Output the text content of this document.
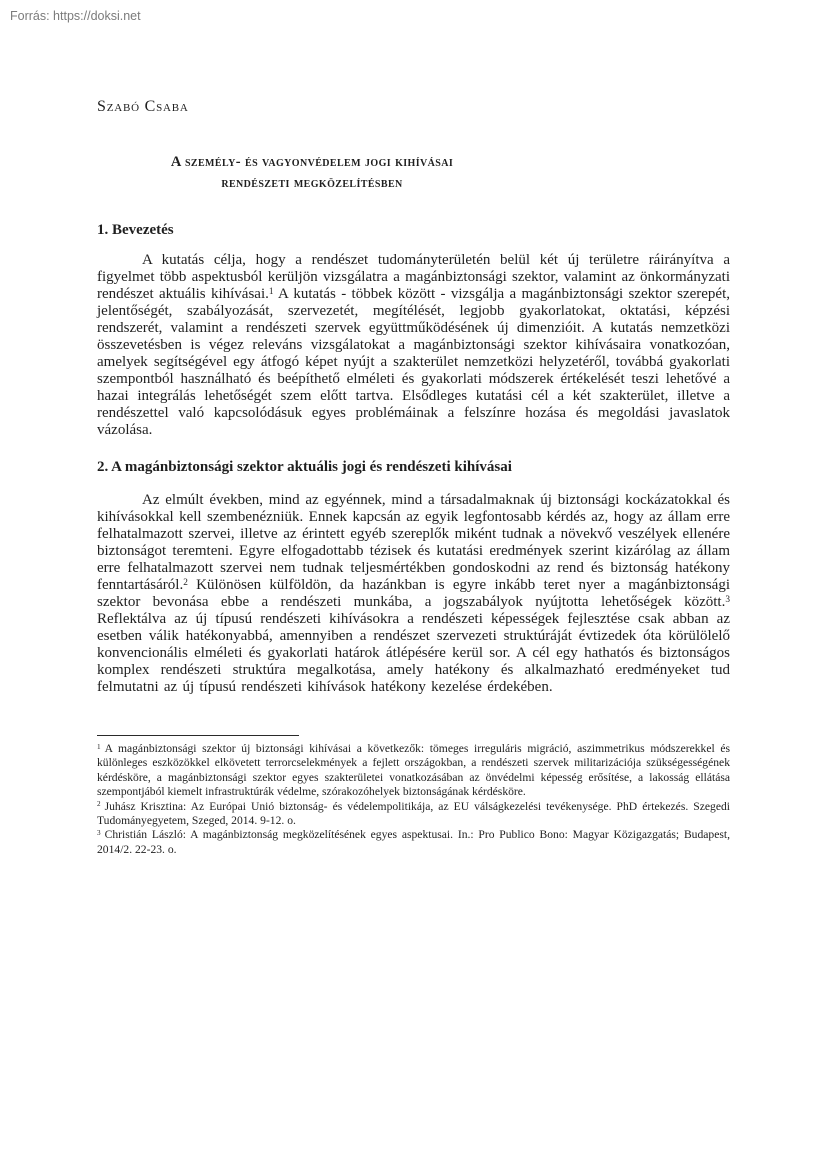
Forrás: https://doksi.net
Szabó Csaba
A személy- és vagyonvédelem jogi kihívásai
rendészeti megközelítésben
1. Bevezetés

A kutatás célja, hogy a rendészet tudományterületén belül két új területre ráirányítva a figyelmet több aspektusból kerüljön vizsgálatra a magánbiztonsági szektor, valamint az önkormányzati rendészet aktuális kihívásai.$^1$ A kutatás - többek között - vizsgálja a magánbiztonsági szektor szerepét, jelentőségét, szabályozását, szervezetét, megítélését, legjobb gyakorlatokat, oktatási, képzési rendszerét, valamint a rendészeti szervek együttműködésének új dimenzióit. A kutatás nemzetközi összevetésben is végez releváns vizsgálatokat a magánbiztonsági szektor kihívásaira vonatkozóan, amelyek segítségével egy átfogó képet nyújt a szakterület nemzetközi helyzetéről, továbbá gyakorlati szempontból használható és beépíthető elméleti és gyakorlati módszerek értékelését teszi lehetővé a hazai integrálás lehetőségét szem előtt tartva. Elsődleges kutatási cél a két szakterület, illetve a rendészettel való kapcsolódásuk egyes problémáinak a felszínre hozása és megoldási javaslatok vázolása.

2. A magánbiztonsági szektor aktuális jogi és rendészeti kihívásai

Az elmúlt években, mind az egyénnek, mind a társadalmaknak új biztonsági kockázatokkal és kihívásokkal kell szembenézniük. Ennek kapcsán az egyik legfontosabb kérdés az, hogy az állam erre felhatalmazott szervei, illetve az érintett egyéb szereplők miként tudnak a növekvő veszélyek ellenére biztonságot teremteni. Egyre elfogadottabb tézisek és kutatási eredmények szerint kizárólag az állam erre felhatalmazott szervei nem tudnak teljesmértékben gondoskodni az rend és biztonság hatékony fenntartásáról.$^2$ Különösen külföldön, da hazánkban is egyre inkább teret nyer a magánbiztonsági szektor bevonása ebbe a rendészeti munkába, a jogszabályok nyújtotta lehetőségek között.$^3$ Reflektálva az új típusú rendészeti kihívásokra a rendészeti képességek fejlesztése csak abban az esetben válik hatékonyabbá, amennyiben a rendészet szervezeti struktúráját évtizedek óta körülölelő konvencionális elméleti és gyakorlati határok átlépésére kerül sor. A cél egy hathatós és biztonságos komplex rendészeti struktúra megalkotása, amely hatékony és alkalmazható eredményeket tud felmutatni az új típusú rendészeti kihívások hatékony kezelése érdekében.

$^1$ A magánbiztonsági szektor új biztonsági kihívásai a következők: tömeges irreguláris migráció, aszimmetrikus módszerekkel és különleges eszközökkel elkövetett terrorcselekmények a fejlett országokban, a rendészeti szervek militarizációja szükségességének kérdésköre, a magánbiztonsági szektor egyes szakterületei vonatkozásában az önvédelmi képesség erősítése, a lakosság ellátása szempontjából kiemelt infrastruktúrák védelme, szórakozóhelyek biztonságának kérdésköre.

$^2$ Juhász Krisztina: Az Európai Unió biztonság- és védelempolitikája, az EU válságkezelési tevékenysége. PhD értekezés. Szegedi Tudományegyetem, Szeged, 2014. 9-12. o.

$^3$ Christián László: A magánbiztonság megközelítésének egyes aspektusai. In.: Pro Publico Bono: Magyar Közigazgatás; Budapest, 2014/2. 22-23. o.
